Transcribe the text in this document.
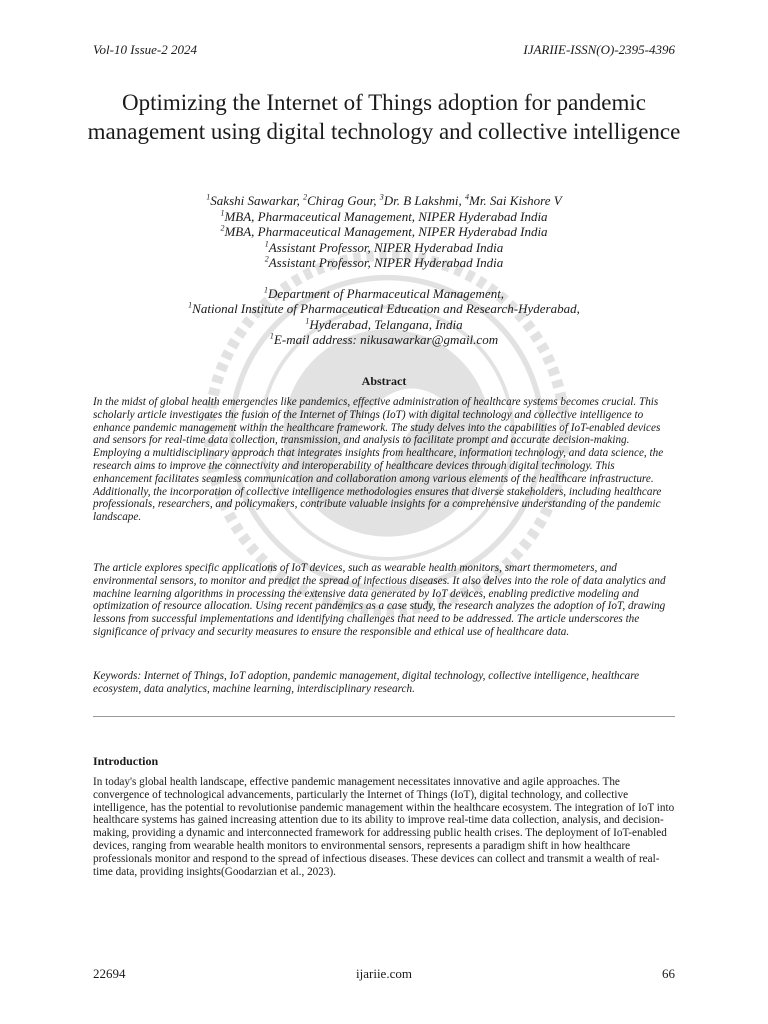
Vol-10 Issue-2 2024	IJARIIE-ISSN(O)-2395-4396
Optimizing the Internet of Things adoption for pandemic management using digital technology and collective intelligence
$^1$Sakshi Sawarkar, $^2$Chirag Gour, $^3$Dr. B Lakshmi, $^4$Mr. Sai Kishore V
$^1$MBA, Pharmaceutical Management, NIPER Hyderabad India
$^2$MBA, Pharmaceutical Management, NIPER Hyderabad India
$^1$Assistant Professor, NIPER Hyderabad India
$^2$Assistant Professor, NIPER Hyderabad India
$^1$Department of Pharmaceutical Management,
$^1$National Institute of Pharmaceutical Education and Research-Hyderabad,
$^1$Hyderabad, Telangana, India
$^1$E-mail address: nikusawarkar@gmail.com
Abstract

In the midst of global health emergencies like pandemics, effective administration of healthcare systems becomes crucial. This scholarly article investigates the fusion of the Internet of Things (IoT) with digital technology and collective intelligence to enhance pandemic management within the healthcare framework. The study delves into the capabilities of IoT-enabled devices and sensors for real-time data collection, transmission, and analysis to facilitate prompt and accurate decision-making. Employing a multidisciplinary approach that integrates insights from healthcare, information technology, and data science, the research aims to improve the connectivity and interoperability of healthcare devices through digital technology. This enhancement facilitates seamless communication and collaboration among various elements of the healthcare infrastructure. Additionally, the incorporation of collective intelligence methodologies ensures that diverse stakeholders, including healthcare professionals, researchers, and policymakers, contribute valuable insights for a comprehensive understanding of the pandemic landscape.

The article explores specific applications of IoT devices, such as wearable health monitors, smart thermometers, and environmental sensors, to monitor and predict the spread of infectious diseases. It also delves into the role of data analytics and machine learning algorithms in processing the extensive data generated by IoT devices, enabling predictive modeling and optimization of resource allocation. Using recent pandemics as a case study, the research analyzes the adoption of IoT, drawing lessons from successful implementations and identifying challenges that need to be addressed. The article underscores the significance of privacy and security measures to ensure the responsible and ethical use of healthcare data.

Keywords: Internet of Things, IoT adoption, pandemic management, digital technology, collective intelligence, healthcare ecosystem, data analytics, machine learning, interdisciplinary research.

Introduction

In today's global health landscape, effective pandemic management necessitates innovative and agile approaches. The convergence of technological advancements, particularly the Internet of Things (IoT), digital technology, and collective intelligence, has the potential to revolutionise pandemic management within the healthcare ecosystem. The integration of IoT into healthcare systems has gained increasing attention due to its ability to improve real-time data collection, analysis, and decision-making, providing a dynamic and interconnected framework for addressing public health crises. The deployment of IoT-enabled devices, ranging from wearable health monitors to environmental sensors, represents a paradigm shift in how healthcare professionals monitor and respond to the spread of infectious diseases. These devices can collect and transmit a wealth of real-time data, providing insights(Goodarzian et al., 2023).

22694	ijariie.com	66
